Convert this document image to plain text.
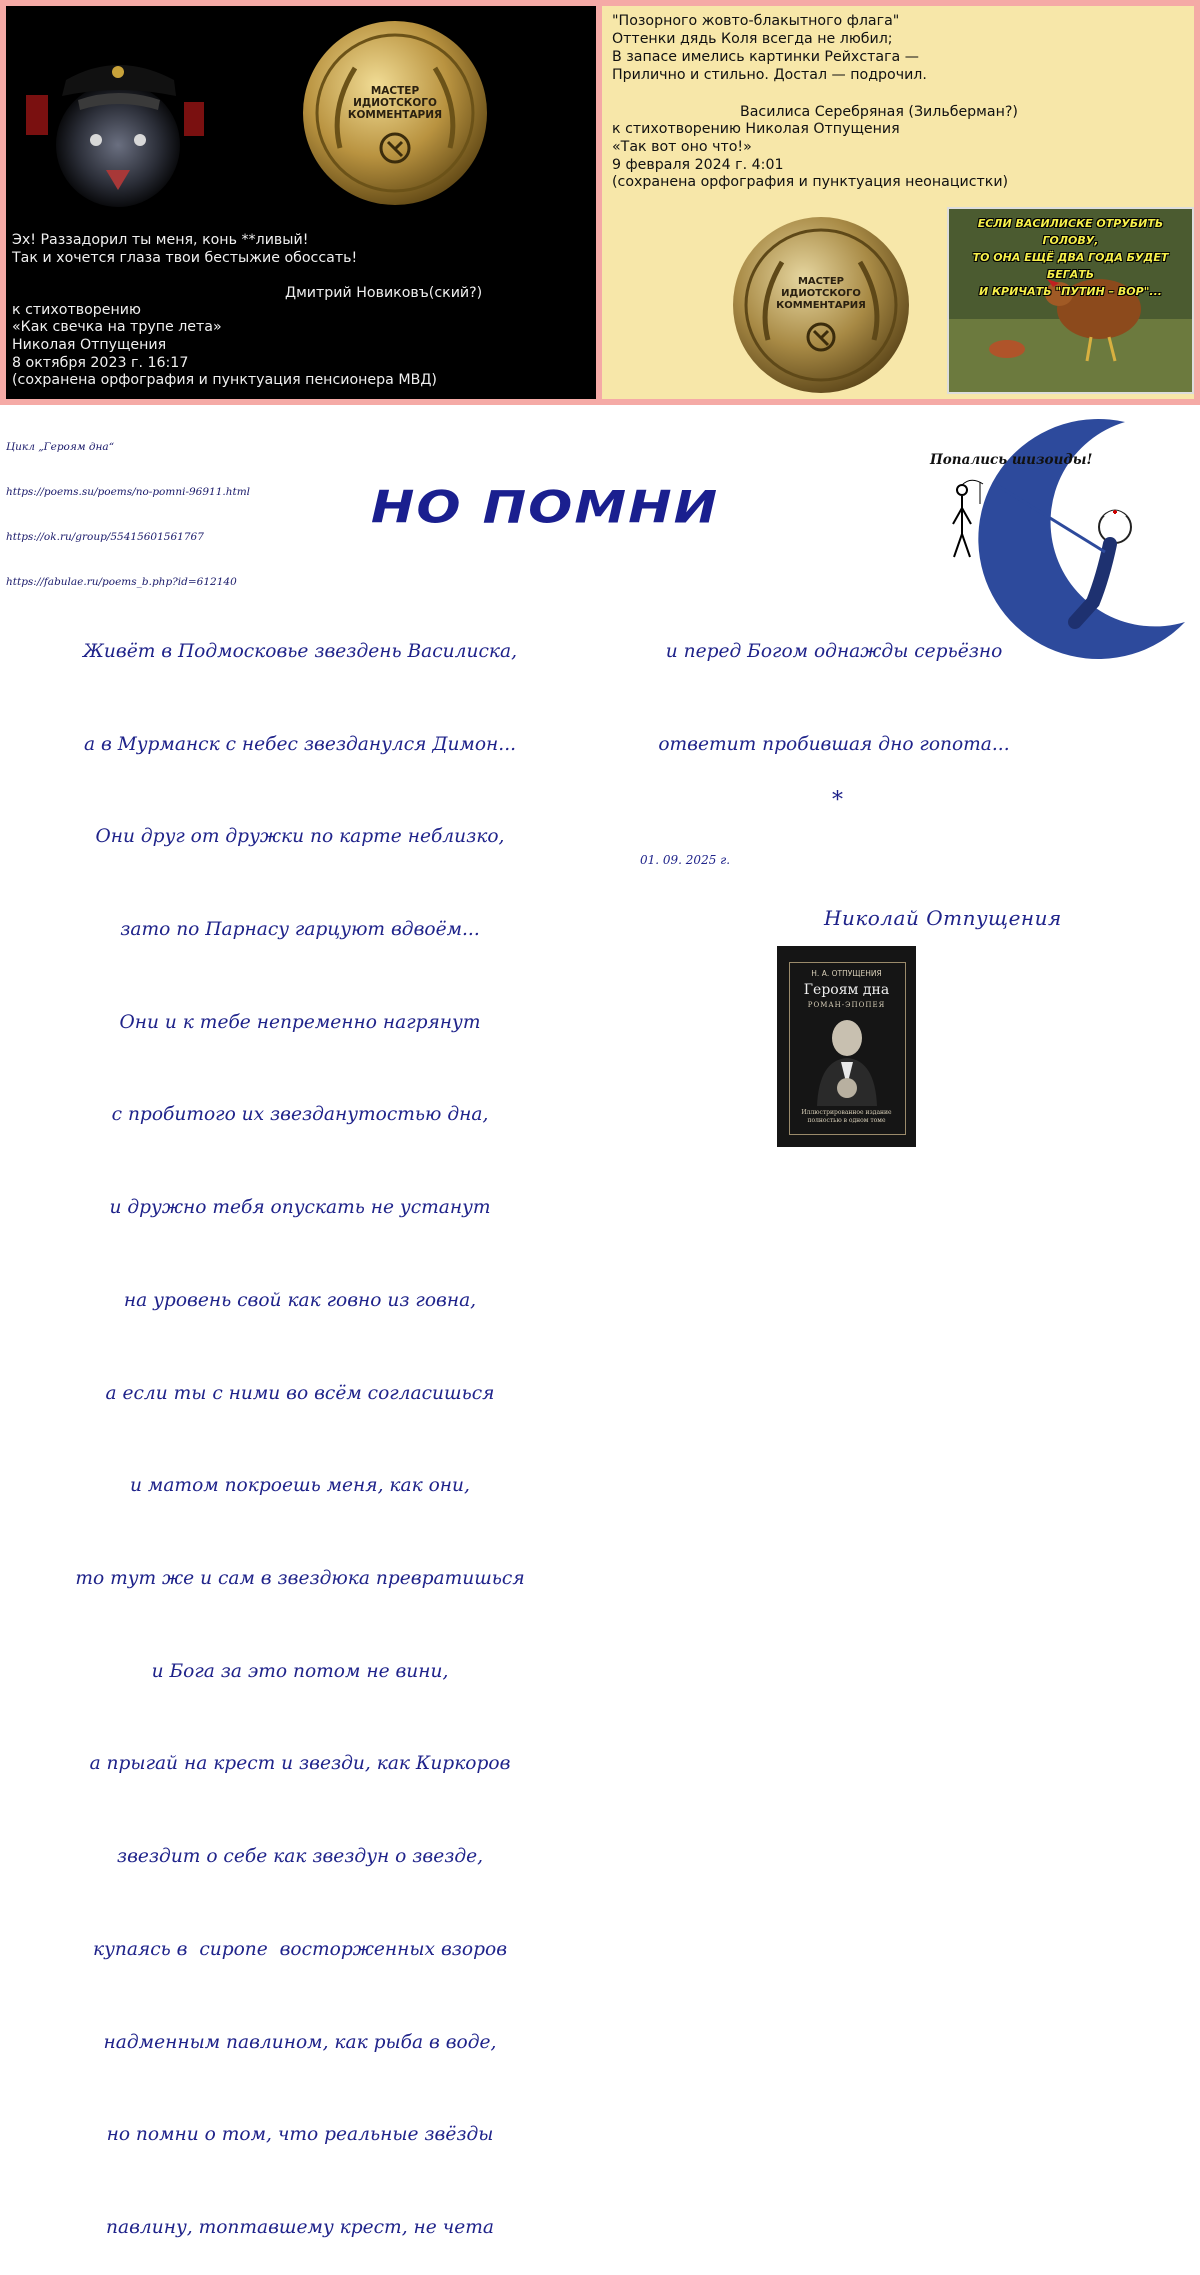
МАСТЕР
ИДИОТСКОГО
КОММЕНТАРИЯ
Эх! Раззадорил ты меня, конь **ливый!
Так и хочется глаза твои бестыжие обоссать!
Дмитрий Новиковъ(ский?)
к стихотворению
«Как свечка на трупе лета»
Николая Отпущения
8 октября 2023 г. 16:17
(сохранена орфография и пунктуация пенсионера МВД)
"Позорного жовто-блакытного флага"
Оттенки дядь Коля всегда не любил;
В запасе имелись картинки Рейхстага —
Прилично и стильно. Достал — подрочил.
Василиса Серебряная (Зильберман?)
к стихотворению Николая Отпущения
«Так вот оно что!»
9 февраля 2024 г. 4:01
(сохранена орфография и пунктуация неонацистки)
МАСТЕР
ИДИОТСКОГО
КОММЕНТАРИЯ
ЕСЛИ ВАСИЛИСКЕ ОТРУБИТЬ ГОЛОВУ,
ТО ОНА ЕЩЁ ДВА ГОДА БУДЕТ БЕГАТЬ
И КРИЧАТЬ "ПУТИН – ВОР"...

Цикл „Героям дна“

https://poems.su/poems/no-pomni-96911.html

https://ok.ru/group/55415601561767

https://fabulae.ru/poems_b.php?id=612140

НО ПОМНИ
Попались шизоиды!

Живёт в Подмосковье звездень Василиска,

а в Мурманск с небес звезданулся Димон...

Они друг от дружки по карте неблизко,

зато по Парнасу гарцуют вдвоём...

Они и к тебе непременно нагрянут

с пробитого их звезданутостью дна,

и дружно тебя опускать не устанут

на уровень свой как говно из говна,

а если ты с ними во всём согласишься

и матом покроешь меня, как они,

то тут же и сам в звездюка превратишься

и Бога за это потом не вини,

а прыгай на крест и звезди, как Киркоров

звездит о себе как звездун о звезде,

купаясь в  сиропе  восторженных взоров

надменным павлином, как рыба в воде,

но помни о том, что реальные звёзды

павлину, топтавшему крест, не чета

и перед Богом однажды серьёзно

ответит пробившая дно гопота...

*
01. 09. 2025 г.
Николай Отпущения
Н. А. ОТПУЩЕНИЯ
Героям дна
РОМАН-ЭПОПЕЯ
Иллюстрированное издание
полностью в одном томе
